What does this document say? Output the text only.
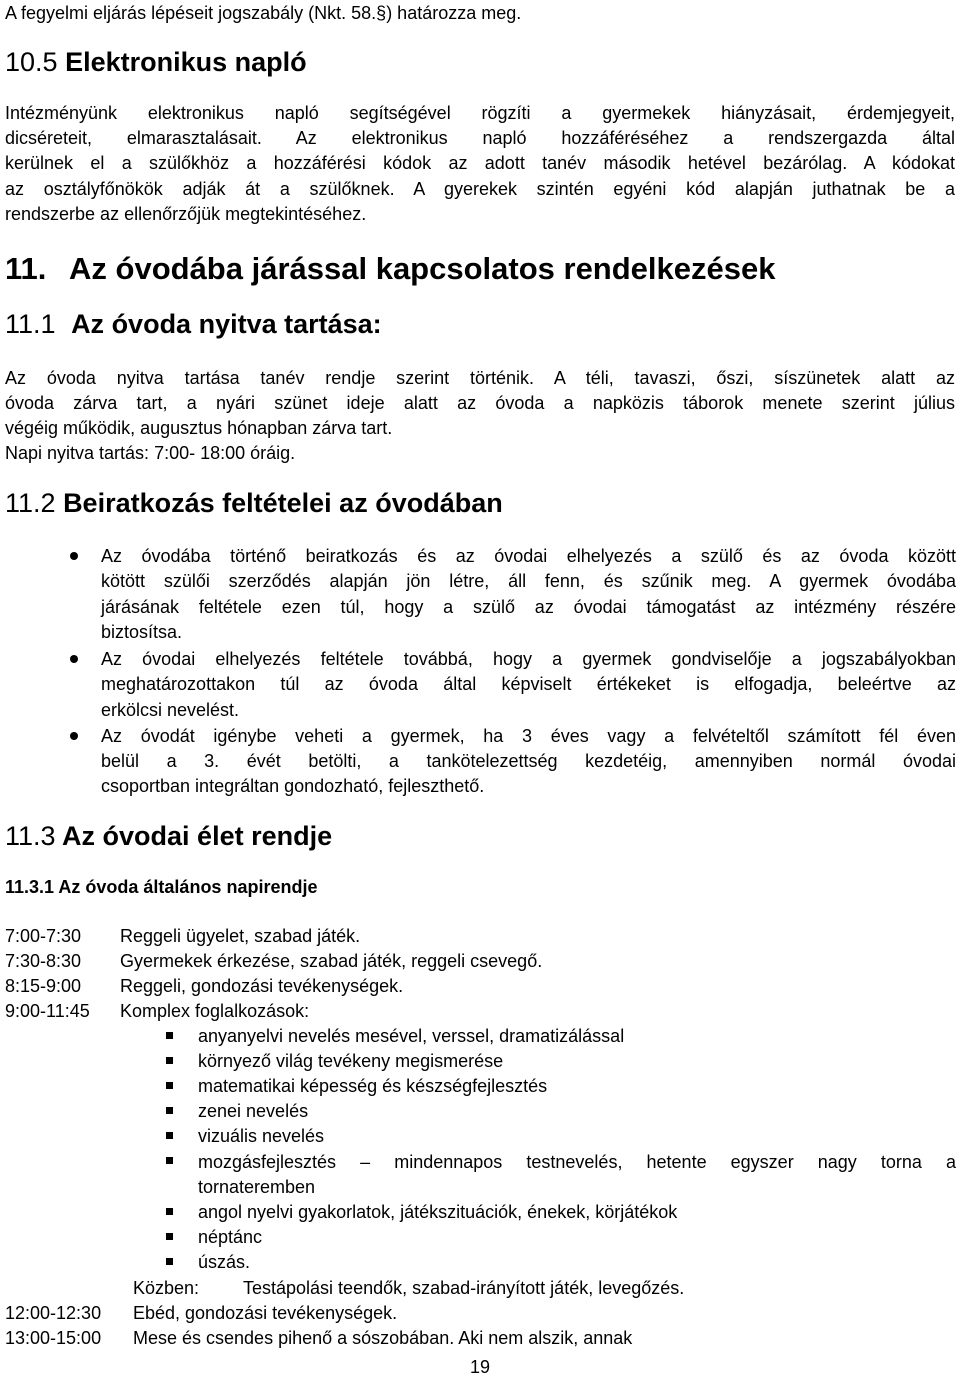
A fegyelmi eljárás lépéseit jogszabály (Nkt. 58.§) határozza meg.
10.5 Elektronikus napló
Intézményünk elektronikus napló segítségével rögzíti a gyermekek hiányzásait, érdemjegyeit,
dicséreteit, elmarasztalásait. Az elektronikus napló hozzáféréséhez a rendszergazda által
kerülnek el a szülőkhöz a hozzáférési kódok az adott tanév második hetével bezárólag. A kódokat
az osztályfőnökök adják át a szülőknek. A gyerekek szintén egyéni kód alapján juthatnak be a
rendszerbe az ellenőrzőjük megtekintéséhez.
11. Az óvodába járással kapcsolatos rendelkezések
11.1 Az óvoda nyitva tartása:
Az óvoda nyitva tartása tanév rendje szerint történik. A téli, tavaszi, őszi, síszünetek alatt az
óvoda zárva tart, a nyári szünet ideje alatt az óvoda a napközis táborok menete szerint július
végéig működik, augusztus hónapban zárva tart.
Napi nyitva tartás: 7:00- 18:00 óráig.
11.2 Beiratkozás feltételei az óvodában
Az óvodába történő beiratkozás és az óvodai elhelyezés a szülő és az óvoda között
kötött szülői szerződés alapján jön létre, áll fenn, és szűnik meg. A gyermek óvodába
járásának feltétele ezen túl, hogy a szülő az óvodai támogatást az intézmény részére
biztosítsa.
Az óvodai elhelyezés feltétele továbbá, hogy a gyermek gondviselője a jogszabályokban
meghatározottakon túl az óvoda által képviselt értékeket is elfogadja, beleértve az
erkölcsi nevelést.
Az óvodát igénybe veheti a gyermek, ha 3 éves vagy a felvételtől számított fél éven
belül a 3. évét betölti, a tankötelezettség kezdetéig, amennyiben normál óvodai
csoportban integráltan gondozható, fejleszthető.
11.3 Az óvodai élet rendje
11.3.1 Az óvoda általános napirendje
7:00-7:30 Reggeli ügyelet, szabad játék.
7:30-8:30 Gyermekek érkezése, szabad játék, reggeli csevegő.
8:15-9:00 Reggeli, gondozási tevékenységek.
9:00-11:45 Komplex foglalkozások:
anyanyelvi nevelés mesével, verssel, dramatizálással
környező világ tevékeny megismerése
matematikai képesség és készségfejlesztés
zenei nevelés
vizuális nevelés
mozgásfejlesztés – mindennapos testnevelés, hetente egyszer nagy torna a
tornateremben
angol nyelvi gyakorlatok, játékszituációk, énekek, körjátékok
néptánc
úszás.
Közben: Testápolási teendők, szabad-irányított játék, levegőzés.
12:00-12:30 Ebéd, gondozási tevékenységek.
13:00-15:00 Mese és csendes pihenő a sószobában. Aki nem alszik, annak
19
